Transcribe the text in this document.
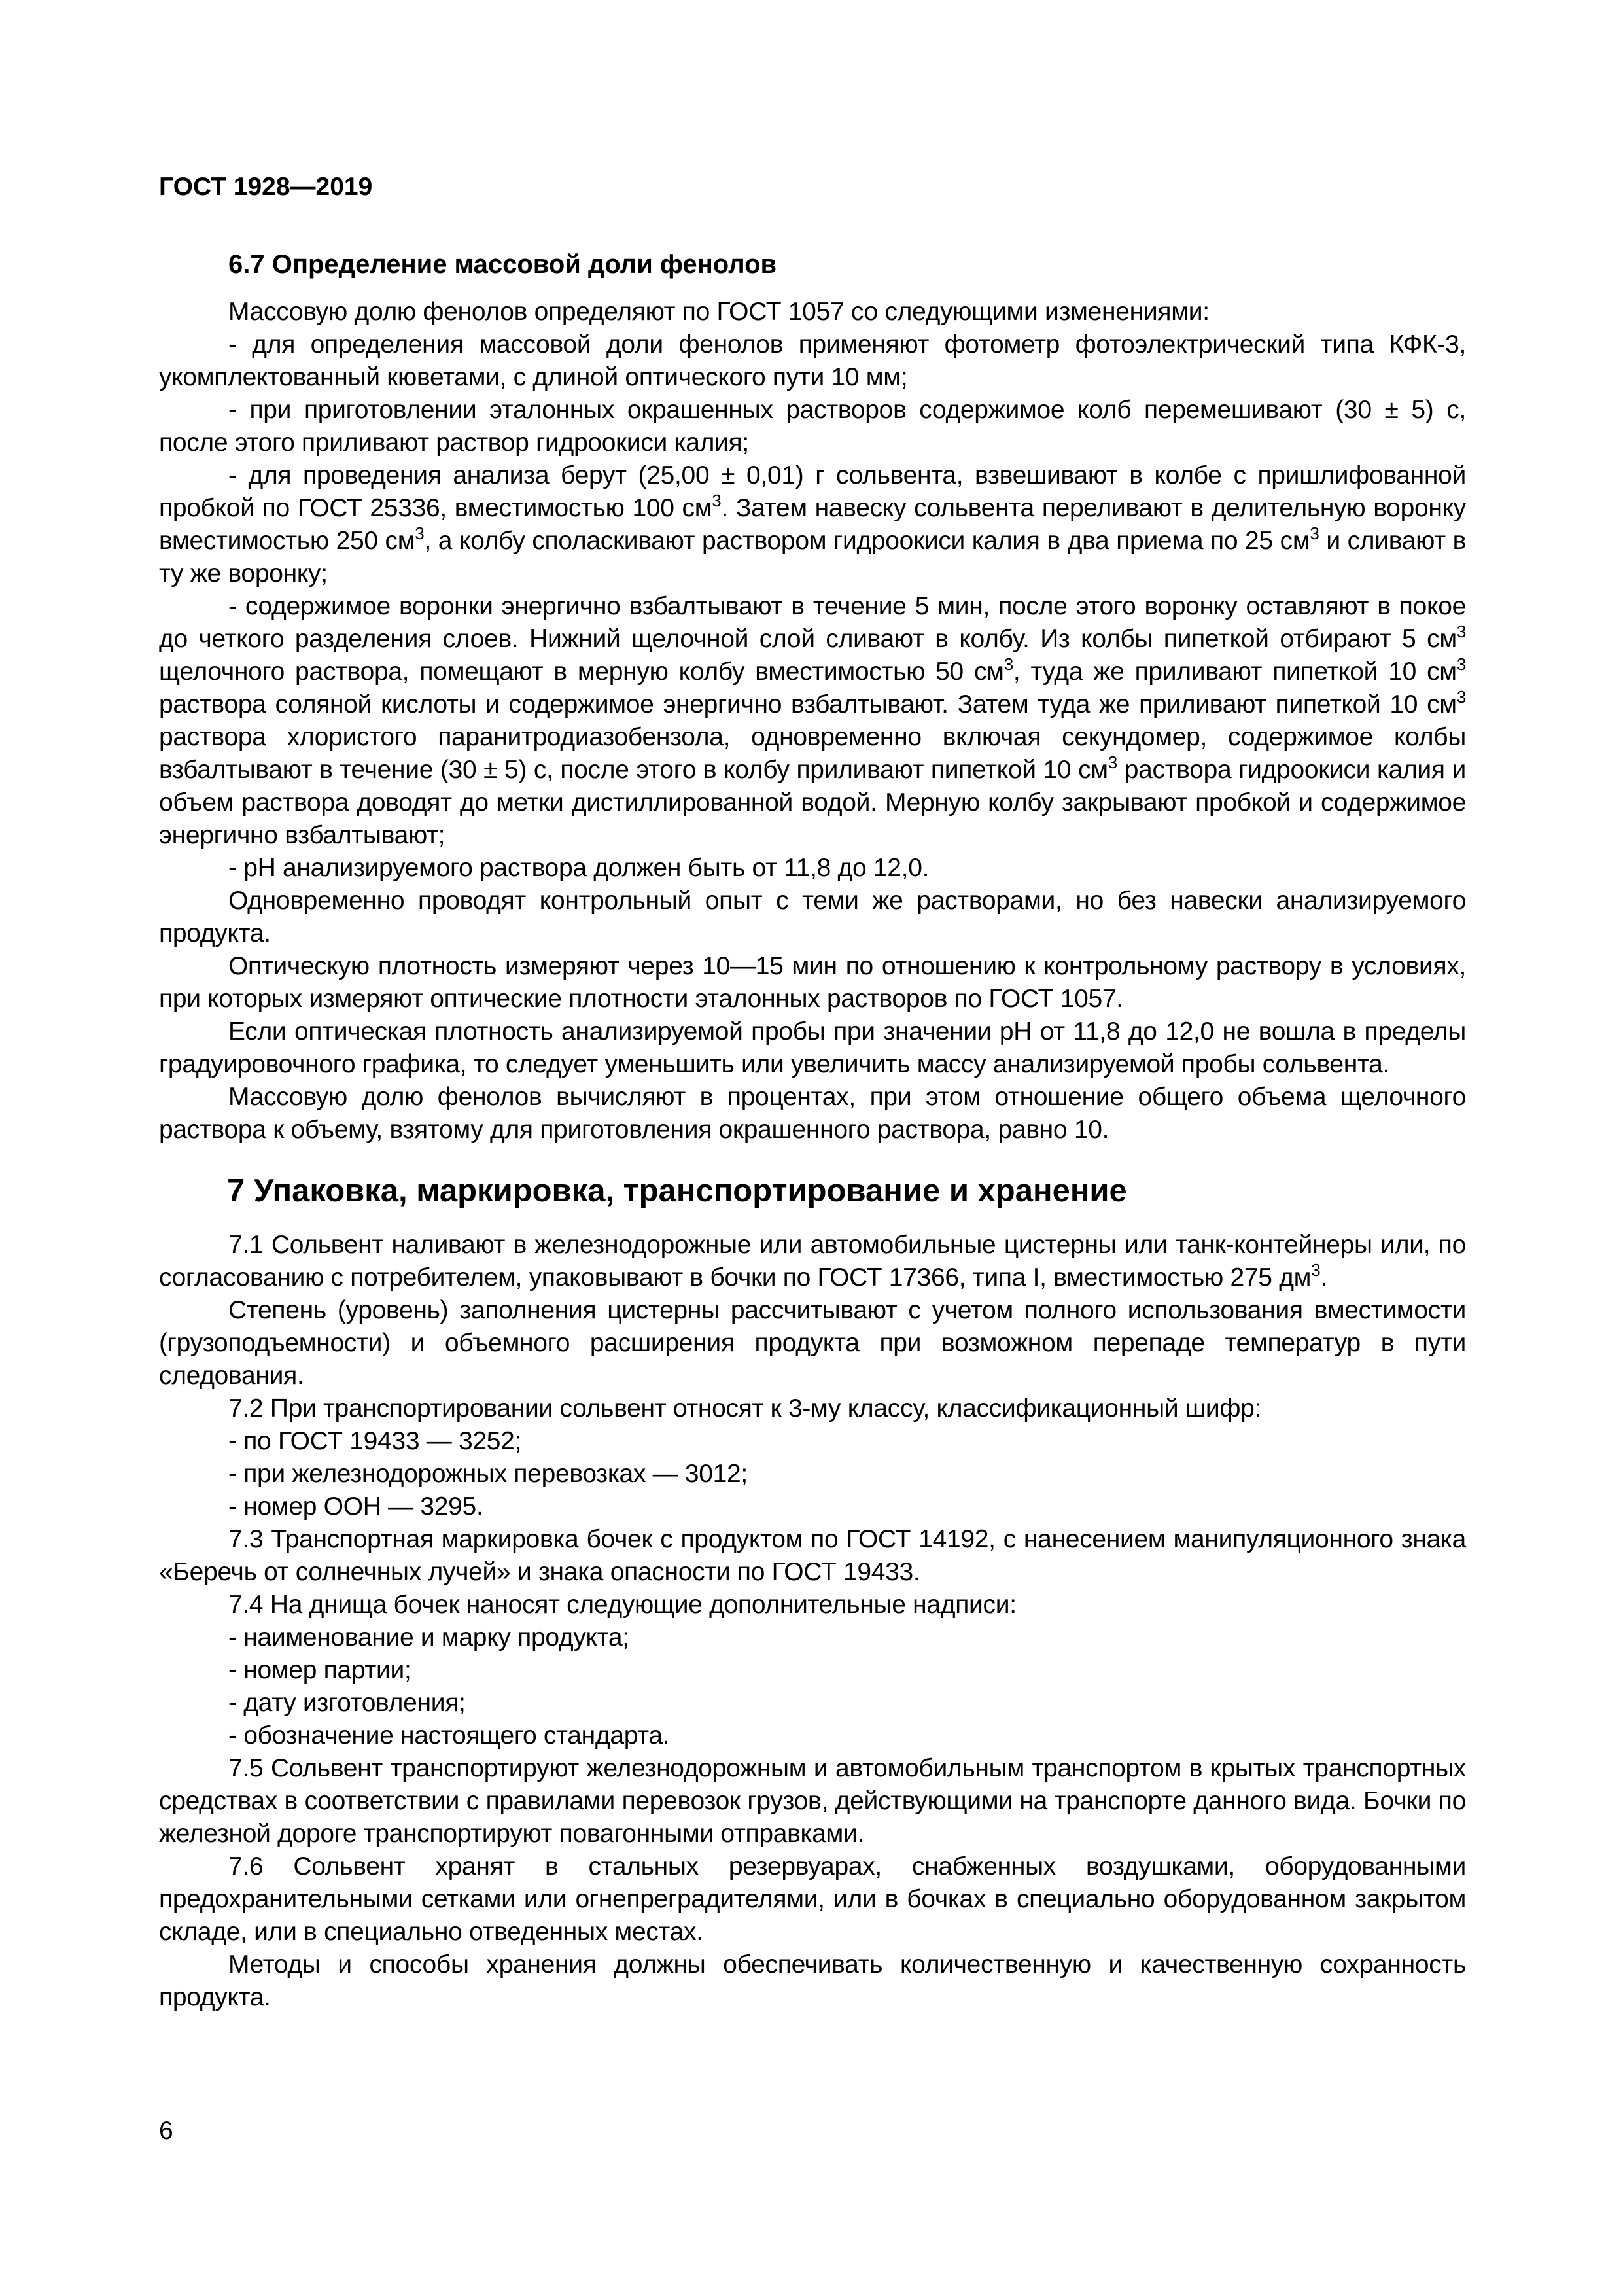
ГОСТ 1928—2019
6.7 Определение массовой доли фенолов

Массовую долю фенолов определяют по ГОСТ 1057 со следующими изменениями:

- для определения массовой доли фенолов применяют фотометр фотоэлектрический типа КФК-3, укомплектованный кюветами, с длиной оптического пути 10 мм;

- при приготовлении эталонных окрашенных растворов содержимое колб перемешивают (30 ± 5) с, после этого приливают раствор гидроокиси калия;

- для проведения анализа берут (25,00 ± 0,01) г сольвента, взвешивают в колбе с пришлифованной пробкой по ГОСТ 25336, вместимостью 100 $см^3$. Затем навеску сольвента переливают в делительную воронку вместимостью 250 $см^3$, а колбу споласкивают раствором гидроокиси калия в два приема по 25 $см^3$ и сливают в ту же воронку;

- содержимое воронки энергично взбалтывают в течение 5 мин, после этого воронку оставляют в покое до четкого разделения слоев. Нижний щелочной слой сливают в колбу. Из колбы пипеткой отбирают 5 $см^3$ щелочного раствора, помещают в мерную колбу вместимостью 50 $см^3$, туда же приливают пипеткой 10 $см^3$ раствора соляной кислоты и содержимое энергично взбалтывают. Затем туда же приливают пипеткой 10 $см^3$ раствора хлористого паранитродиазобензола, одновременно включая секундомер, содержимое колбы взбалтывают в течение (30 ± 5) с, после этого в колбу приливают пипеткой 10 $см^3$ раствора гидроокиси калия и объем раствора доводят до метки дистиллированной водой. Мерную колбу закрывают пробкой и содержимое энергично взбалтывают;

- pH анализируемого раствора должен быть от 11,8 до 12,0.

Одновременно проводят контрольный опыт с теми же растворами, но без навески анализируемого продукта.

Оптическую плотность измеряют через 10—15 мин по отношению к контрольному раствору в условиях, при которых измеряют оптические плотности эталонных растворов по ГОСТ 1057.

Если оптическая плотность анализируемой пробы при значении pH от 11,8 до 12,0 не вошла в пределы градуировочного графика, то следует уменьшить или увеличить массу анализируемой пробы сольвента.

Массовую долю фенолов вычисляют в процентах, при этом отношение общего объема щелочного раствора к объему, взятому для приготовления окрашенного раствора, равно 10.

7 Упаковка, маркировка, транспортирование и хранение

7.1 Сольвент наливают в железнодорожные или автомобильные цистерны или танк-контейнеры или, по согласованию с потребителем, упаковывают в бочки по ГОСТ 17366, типа I, вместимостью 275 $дм^3$.

Степень (уровень) заполнения цистерны рассчитывают с учетом полного использования вместимости (грузоподъемности) и объемного расширения продукта при возможном перепаде температур в пути следования.

7.2 При транспортировании сольвент относят к 3-му классу, классификационный шифр:

- по ГОСТ 19433 — 3252;

- при железнодорожных перевозках — 3012;

- номер ООН — 3295.

7.3 Транспортная маркировка бочек с продуктом по ГОСТ 14192, с нанесением манипуляционного знака «Беречь от солнечных лучей» и знака опасности по ГОСТ 19433.

7.4 На днища бочек наносят следующие дополнительные надписи:

- наименование и марку продукта;

- номер партии;

- дату изготовления;

- обозначение настоящего стандарта.

7.5 Сольвент транспортируют железнодорожным и автомобильным транспортом в крытых транспортных средствах в соответствии с правилами перевозок грузов, действующими на транспорте данного вида. Бочки по железной дороге транспортируют повагонными отправками.

7.6 Сольвент хранят в стальных резервуарах, снабженных воздушками, оборудованными предохранительными сетками или огнепреградителями, или в бочках в специально оборудованном закрытом складе, или в специально отведенных местах.

Методы и способы хранения должны обеспечивать количественную и качественную сохранность продукта.

6
